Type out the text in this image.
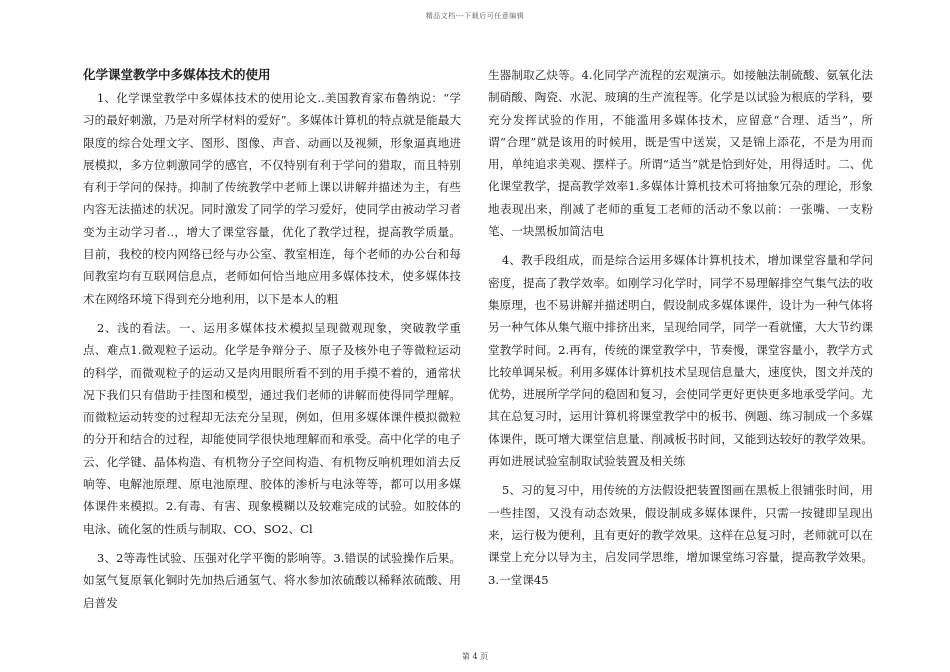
精品文档---下载后可任意编辑
化学课堂教学中多媒体技术的使用

1、化学课堂教学中多媒体技术的使用论文..美国教育家布鲁纳说：“学习的最好刺激，乃是对所学材料的爱好”。多媒体计算机的特点就是能最大限度的综合处理文字、图形、图像、声音、动画以及视频，形象逼真地进展模拟，多方位刺激同学的感官，不仅特别有利于学问的猎取，而且特别有利于学问的保持。抑制了传统教学中老师上课以讲解并描述为主，有些内容无法描述的状况。同时激发了同学的学习爱好，使同学由被动学习者变为主动学习者..，增大了课堂容量，优化了教学过程，提高教学质量。目前，我校的校内网络已经与办公室、教室相连，每个老师的办公台和每间教室均有互联网信息点，老师如何恰当地应用多媒体技术，使多媒体技术在网络环境下得到充分地利用，以下是本人的粗

2、浅的看法。一、运用多媒体技术模拟呈现微观现象，突破教学重点、难点1.微观粒子运动。化学是争辩分子、原子及核外电子等微粒运动的科学，而微观粒子的运动又是肉用眼所看不到的用手摸不着的，通常状况下我们只有借助于挂图和模型，通过我们老师的讲解而使得同学理解。而微粒运动转变的过程却无法充分呈现，例如，但用多媒体课件模拟微粒的分开和结合的过程，却能使同学很快地理解而和承受。高中化学的电子云、化学键、晶体构造、有机物分子空间构造、有机物反响机理如消去反响等、电解池原理、原电池原理、胶体的渗析与电泳等等，都可以用多媒体课件来模拟。2.有毒、有害、现象模糊以及较难完成的试验。如胶体的电泳、硫化氢的性质与制取、CO、SO2、Cl

3、2等毒性试验、压强对化学平衡的影响等。3.错误的试验操作后果。如氢气复原氧化铜时先加热后通氢气、将水参加浓硫酸以稀释浓硫酸、用启普发

生器制取乙炔等。4.化同学产流程的宏观演示。如接触法制硫酸、氨氧化法制硝酸、陶瓷、水泥、玻璃的生产流程等。化学是以试验为根底的学科，要充分发挥试验的作用，不能滥用多媒体技术，应留意“合理、适当”，所谓“合理”就是该用的时候用，既是雪中送炭，又是锦上添花，不是为用而用，单纯追求美观、摆样子。所谓“适当”就是恰到好处，用得适时。二、优化课堂教学，提高教学效率1.多媒体计算机技术可将抽象冗杂的理论，形象地表现出来，削减了老师的重复工老师的活动不象以前：一张嘴、一支粉笔、一块黑板加简洁电

4、教手段组成，而是综合运用多媒体计算机技术，增加课堂容量和学问密度，提高了教学效率。如刚学习化学时，同学不易理解排空气集气法的收集原理，也不易讲解并描述明白，假设制成多媒体课件，设计为一种气体将另一种气体从集气瓶中排挤出来，呈现给同学，同学一看就懂，大大节约课堂教学时间。2.再有，传统的课堂教学中，节奏慢，课堂容量小，教学方式比较单调呆板。利用多媒体计算机技术呈现信息量大，速度快，图文并茂的优势，进展所学学问的稳固和复习，会使同学更好更快更多地承受学问。尤其在总复习时，运用计算机将课堂教学中的板书、例题、练习制成一个多媒体课件，既可增大课堂信息量、削减板书时间，又能到达较好的教学效果。再如进展试验室制取试验装置及相关练

5、习的复习中，用传统的方法假设把装置图画在黑板上很铺张时间，用一些挂图，又没有动态效果，假设制成多媒体课件，只需一按键即呈现出来，运行极为便利，且有更好的教学效果。这样在总复习时，老师就可以在课堂上充分以导为主，启发同学思维，增加课堂练习容量，提高教学效果。3.一堂课45

第 4 页
